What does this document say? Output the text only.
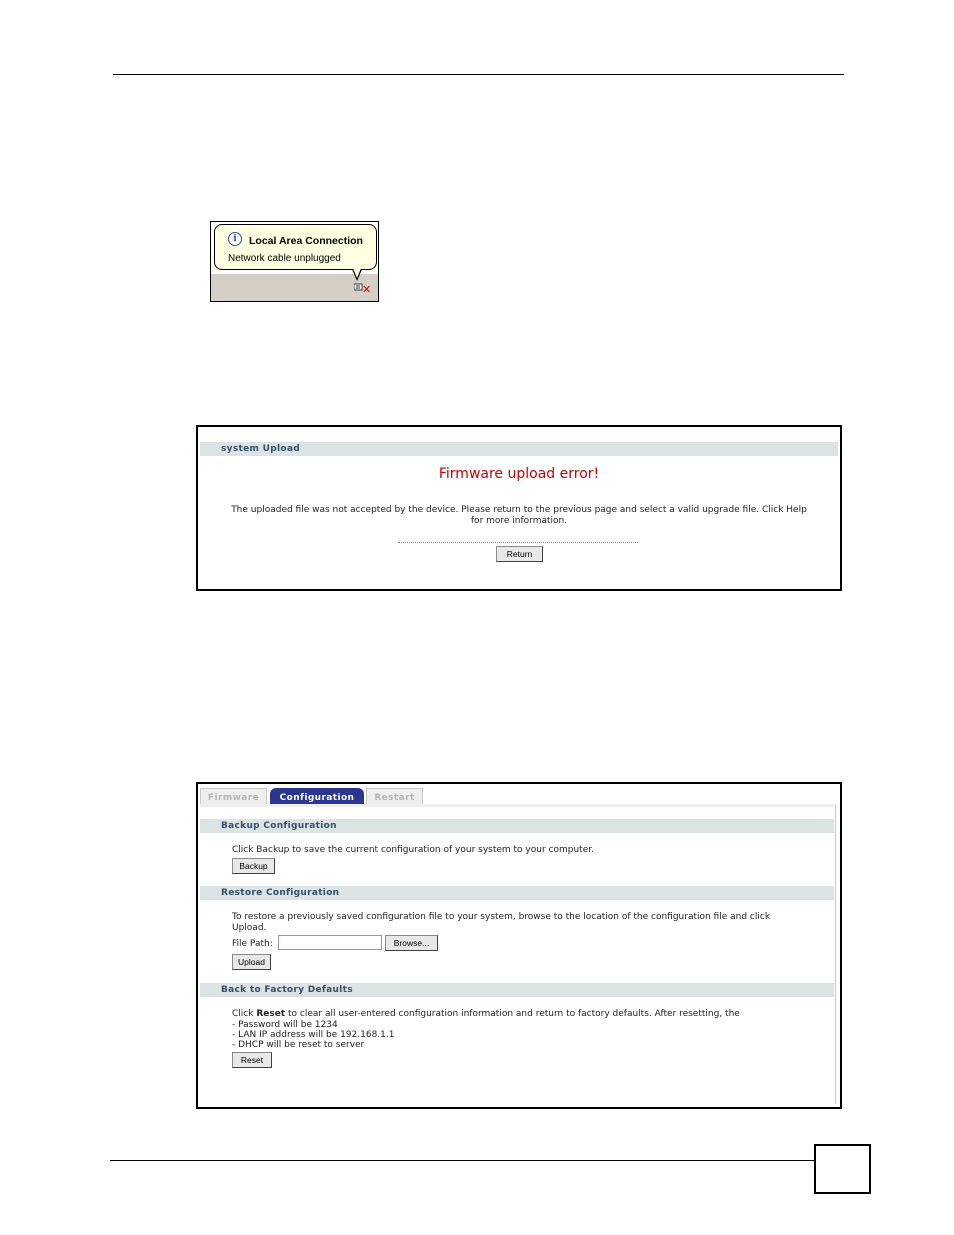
i	Local Area Connection
Network cable unplugged
✕
system Upload
Firmware upload error!
The uploaded file was not accepted by the device. Please return to the previous page and select a valid upgrade file. Click Help for more information.
Return
Firmware	Configuration	Restart
Backup Configuration
Click Backup to save the current configuration of your system to your computer.
Backup
Restore Configuration
To restore a previously saved configuration file to your system, browse to the location of the configuration file and click Upload.
File Path:	Browse...
Upload
Back to Factory Defaults
Click Reset to clear all user-entered configuration information and return to factory defaults. After resetting, the
- Password will be 1234
- LAN IP address will be 192.168.1.1
- DHCP will be reset to server
Reset
